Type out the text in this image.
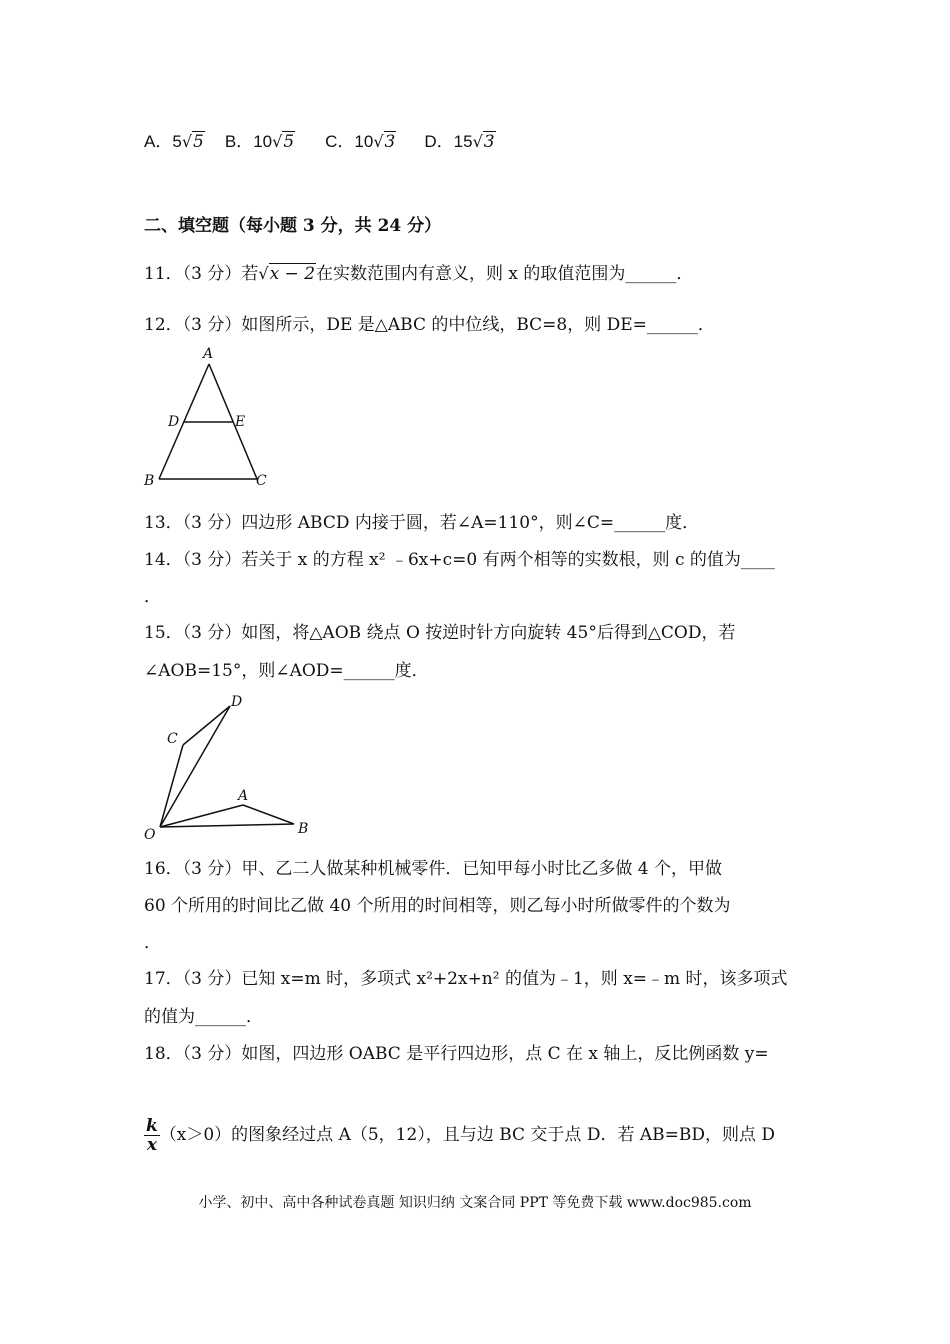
A．5√5 B．10√5 C．10√3 D．15√3
二、填空题（每小题 3 分，共 24 分）
11．（3 分）若√x − 2在实数范围内有意义，则 x 的取值范围为______．
12．（3 分）如图所示，DE 是△ABC 的中位线，BC=8，则 DE=______．
A
D	E
B	C
13．（3 分）四边形 ABCD 内接于圆，若∠A=110°，则∠C=______度．
14．（3 分）若关于 x 的方程 x² ﹣6x+c=0 有两个相等的实数根，则 c 的值为____
．
15．（3 分）如图，将△AOB 绕点 O 按逆时针方向旋转 45°后得到△COD，若
∠AOB=15°，则∠AOD=______度．
O
A
B
C
D
16．（3 分）甲、乙二人做某种机械零件．已知甲每小时比乙多做 4 个，甲做
60 个所用的时间比乙做 40 个所用的时间相等，则乙每小时所做零件的个数为
．
17．（3 分）已知 x=m 时，多项式 x²+2x+n² 的值为﹣1，则 x=﹣m 时，该多项式
的值为______．
18．（3 分）如图，四边形 OABC 是平行四边形，点 C 在 x 轴上，反比例函数 y=
$\frac{k}{x} (x>0)$的图象经过点 A（5，12），且与边 BC 交于点 D．若 AB=BD，则点 D
小学、初中、高中各种试卷真题 知识归纳 文案合同 PPT 等免费下载 www.doc985.com
